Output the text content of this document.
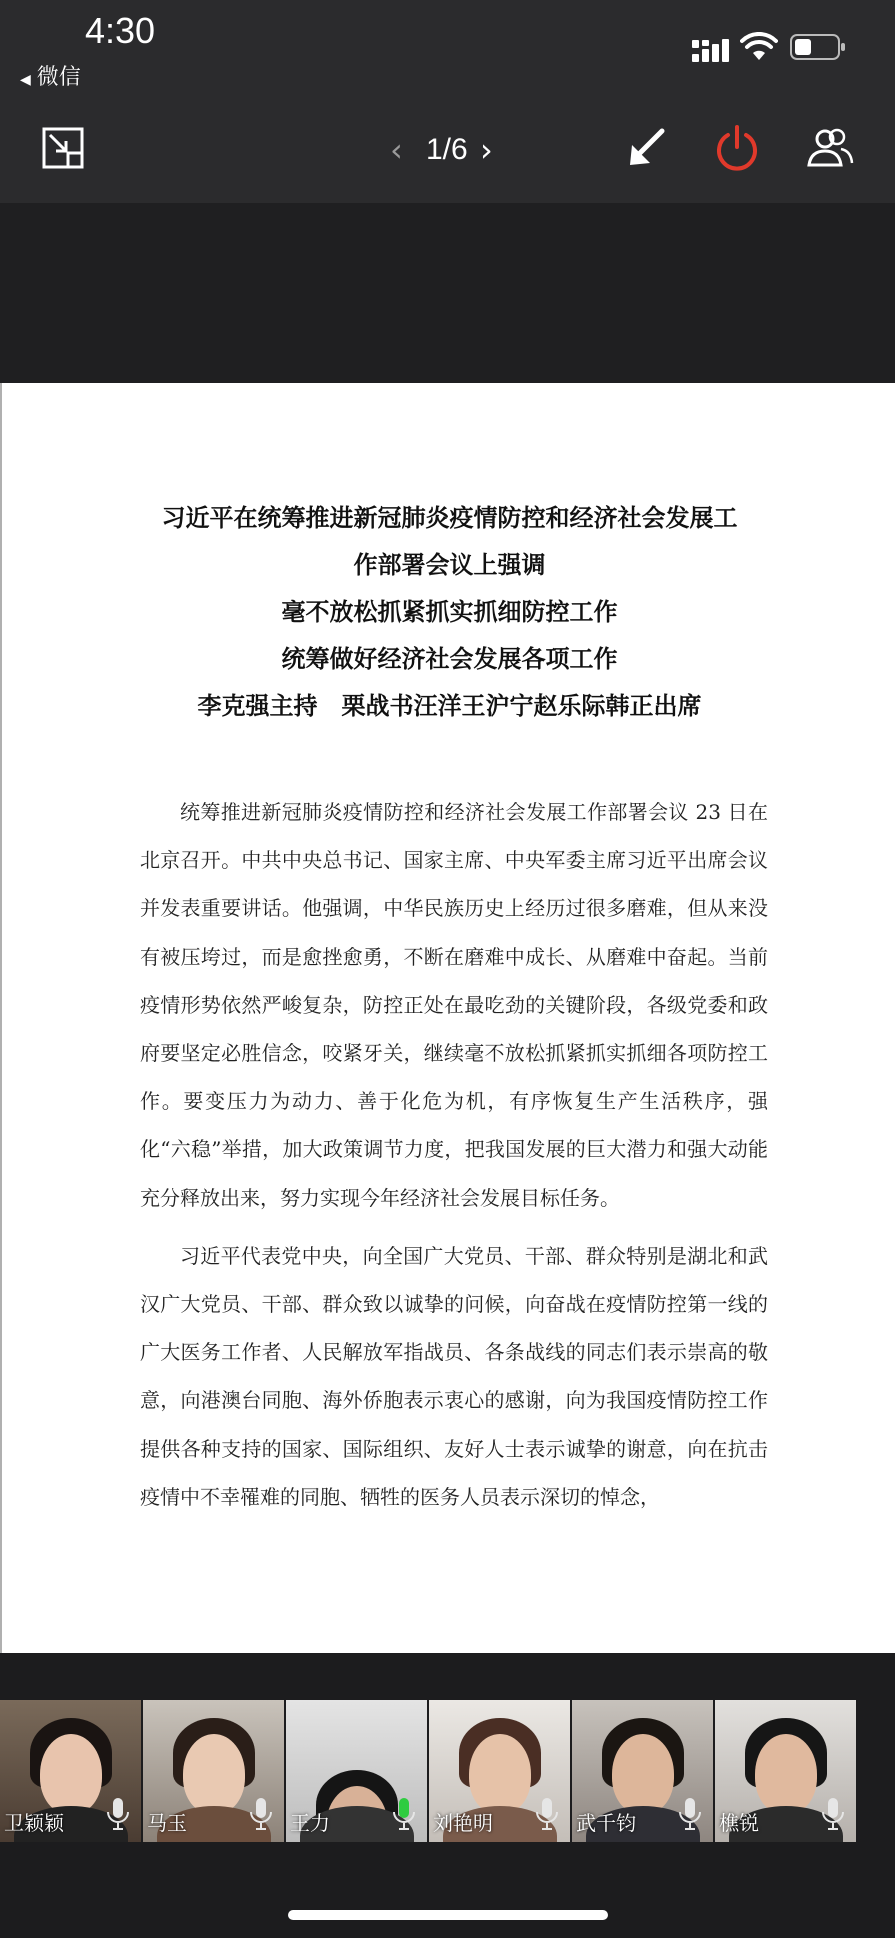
4:30
◀ 微信
‹ 1/6 ›
习近平在统筹推进新冠肺炎疫情防控和经济社会发展工
作部署会议上强调
毫不放松抓紧抓实抓细防控工作
统筹做好经济社会发展各项工作
李克强主持　栗战书汪洋王沪宁赵乐际韩正出席

统筹推进新冠肺炎疫情防控和经济社会发展工作部署会议 23 日在北京召开。中共中央总书记、国家主席、中央军委主席习近平出席会议并发表重要讲话。他强调，中华民族历史上经历过很多磨难，但从来没有被压垮过，而是愈挫愈勇，不断在磨难中成长、从磨难中奋起。当前疫情形势依然严峻复杂，防控正处在最吃劲的关键阶段，各级党委和政府要坚定必胜信念，咬紧牙关，继续毫不放松抓紧抓实抓细各项防控工作。要变压力为动力、善于化危为机，有序恢复生产生活秩序，强化“六稳”举措，加大政策调节力度，把我国发展的巨大潜力和强大动能充分释放出来，努力实现今年经济社会发展目标任务。

习近平代表党中央，向全国广大党员、干部、群众特别是湖北和武汉广大党员、干部、群众致以诚挚的问候，向奋战在疫情防控第一线的广大医务工作者、人民解放军指战员、各条战线的同志们表示崇高的敬意，向港澳台同胞、海外侨胞表示衷心的感谢，向为我国疫情防控工作提供各种支持的国家、国际组织、友好人士表示诚挚的谢意，向在抗击疫情中不幸罹难的同胞、牺牲的医务人员表示深切的悼念，

卫颖颖	马玉	王力	刘艳明	武千钧	樵锐
